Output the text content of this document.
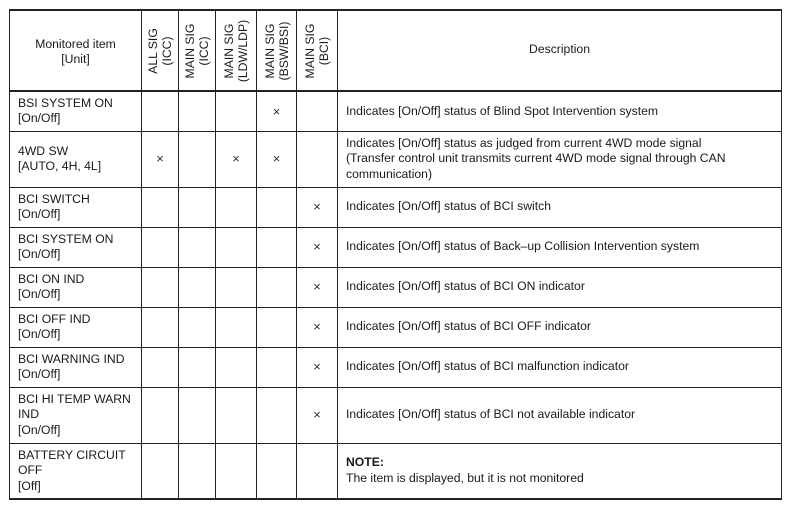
Monitored item
[Unit]	ALL SIG (ICC)	MAIN SIG (ICC)	MAIN SIG (LDW/LDP)	MAIN SIG (BSW/BSI)	MAIN SIG (BCI)	Description

BSI SYSTEM ON
[On/Off]				×		Indicates [On/Off] status of Blind Spot Intervention system

4WD SW
[AUTO, 4H, 4L]	×		×	×		Indicates [On/Off] status as judged from current 4WD mode signal
(Transfer control unit transmits current 4WD mode signal through CAN
communication)

BCI SWITCH
[On/Off]					×	Indicates [On/Off] status of BCI switch

BCI SYSTEM ON
[On/Off]					×	Indicates [On/Off] status of Back–up Collision Intervention system

BCI ON IND
[On/Off]					×	Indicates [On/Off] status of BCI ON indicator

BCI OFF IND
[On/Off]					×	Indicates [On/Off] status of BCI OFF indicator

BCI WARNING IND
[On/Off]					×	Indicates [On/Off] status of BCI malfunction indicator

BCI HI TEMP WARN
IND
[On/Off]					×	Indicates [On/Off] status of BCI not available indicator

BATTERY CIRCUIT
OFF
[Off]						NOTE:
The item is displayed, but it is not monitored
